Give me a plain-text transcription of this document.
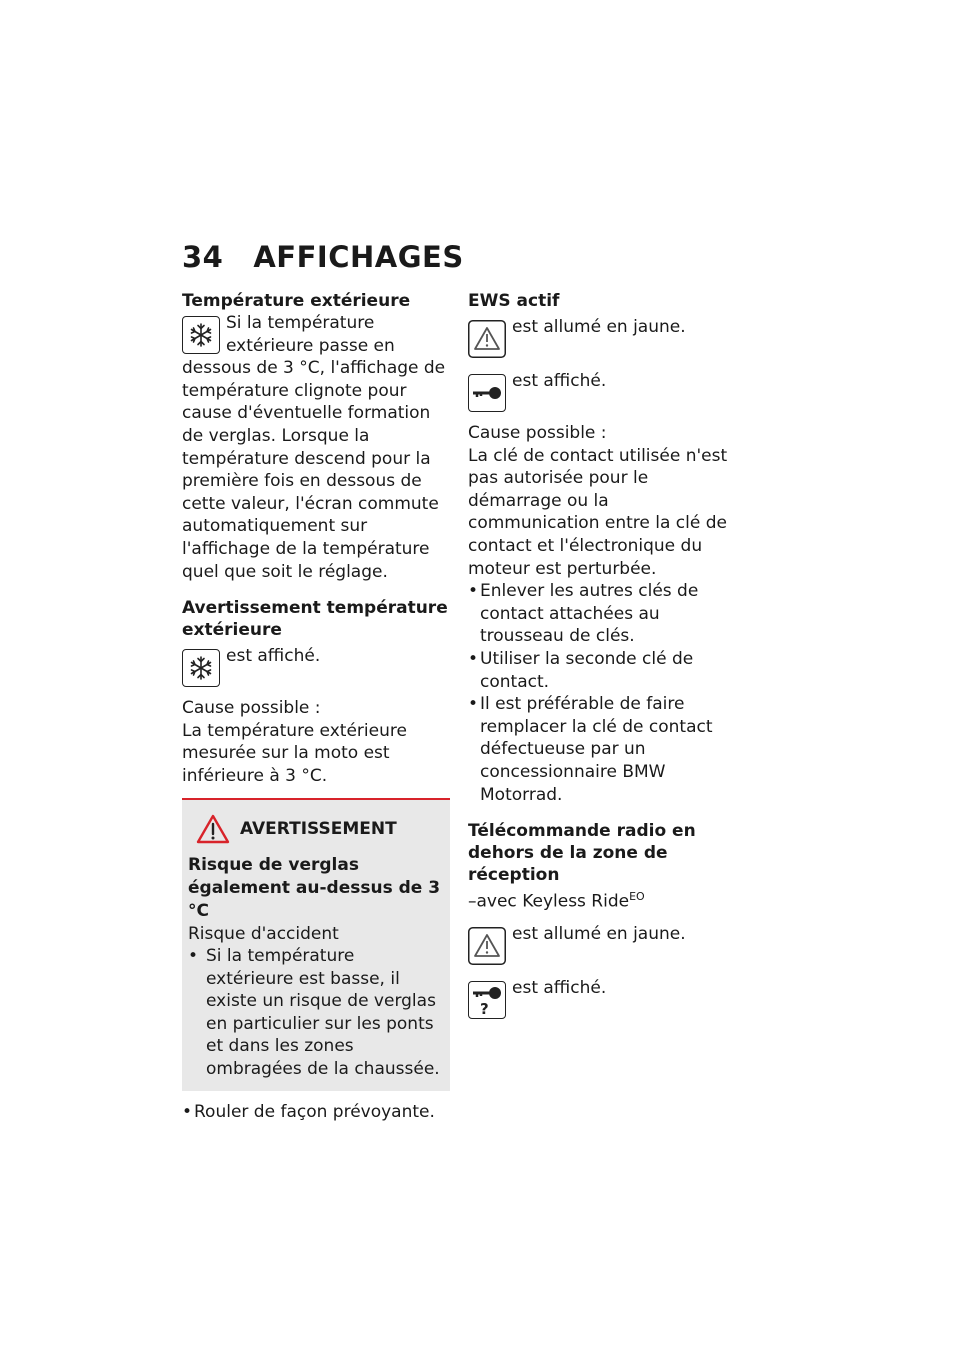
34 AFFICHAGES

Température extérieure

Si la température extérieure passe en dessous de 3 °C, l'affichage de température clignote pour cause d'éventuelle formation de verglas. Lorsque la température descend pour la première fois en dessous de cette valeur, l'écran commute automatiquement sur l'affichage de la température quel que soit le réglage.

Avertissement température extérieure

est affiché.

Cause possible :

La température extérieure mesurée sur la moto est inférieure à 3 °C.

AVERTISSEMENT

Risque de verglas également au-dessus de 3 °C

Risque d'accident

• Si la température extérieure est basse, il existe un risque de verglas en particulier sur les ponts et dans les zones ombragées de la chaussée.
• Rouler de façon prévoyante.

EWS actif

est allumé en jaune.

est affiché.

Cause possible :

La clé de contact utilisée n'est pas autorisée pour le démarrage ou la communication entre la clé de contact et l'électronique du moteur est perturbée.

• Enlever les autres clés de contact attachées au trousseau de clés.
• Utiliser la seconde clé de contact.
• Il est préférable de faire remplacer la clé de contact défectueuse par un concessionnaire BMW Motorrad.

Télécommande radio en dehors de la zone de réception

–avec Keyless Ride$^{EO}$

est allumé en jaune.

?

est affiché.
